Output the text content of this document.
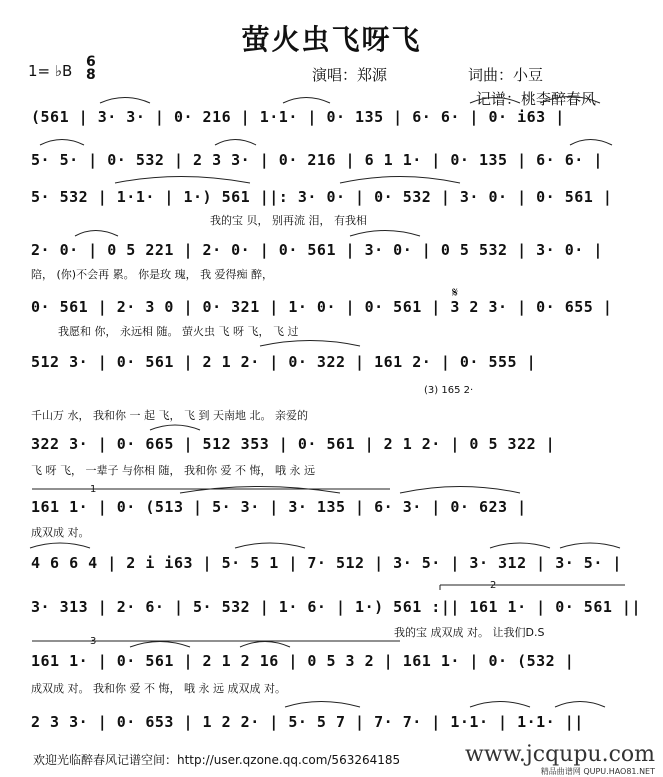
萤火虫飞呀飞
1= ♭B 6
8	演唱：郑源	词曲：小豆
记谱：桃李醉春风
(561 | 3· 3· | 0· 216 | 1·1· | 0· 135 | 6· 6· | 0· i63 |
5· 5· | 0· 532 | 2 3 3· | 0· 216 | 6 1 1· | 0· 135 | 6· 6· |
5· 532 | 1·1· | 1·) 561 ||: 3· 0· | 0· 532 | 3· 0· | 0· 561 |
我的宝 贝， 别再流 泪， 有我相
2· 0· | 0 5 221 | 2· 0· | 0· 561 | 3· 0· | 0 5 532 | 3· 0· |
陪， (你)不会再 累。 你是玫 瑰， 我 爱得痴 醉，
0· 561 | 2· 3 0 | 0· 321 | 1· 0· | 0· 561 | 3 2 3· | 0· 655 |
我愿和 你， 永远相 随。 萤火虫 飞 呀 飞， 飞 过
512 3· | 0· 561 | 2 1 2· | 0· 322 | 161 2· | 0· 555 |
(3) 165 2·
千山万 水， 我和你 一 起 飞， 飞 到 天南地 北。 亲爱的
322 3· | 0· 665 | 512 353 | 0· 561 | 2 1 2· | 0 5 322 |
飞 呀 飞， 一辈子 与你相 随， 我和你 爱 不 悔， 哦 永 远
161 1· | 0· (513 | 5· 3· | 3· 135 | 6· 3· | 0· 623 |
成双成 对。
4 6 6 4 | 2 i i63 | 5· 5 1 | 7· 512 | 3· 5· | 3· 312 | 3· 5· |
3· 313 | 2· 6· | 5· 532 | 1· 6· | 1·) 561 :|| 161 1· | 0· 561 ||
我的宝 成双成 对。 让我们D.S
161 1· | 0· 561 | 2 1 2 16 | 0 5 3 2 | 161 1· | 0· (532 |
成双成 对。 我和你 爱 不 悔， 哦 永 远 成双成 对。
2 3 3· | 0· 653 | 1 2 2· | 5· 5 7 | 7· 7· | 1·1· | 1·1· ||
𝄋
1
2
3
欢迎光临醉春风记谱空间：http://user.qzone.qq.com/563264185	www.jcqupu.com
精品曲谱网 QUPU.HAO81.NET
